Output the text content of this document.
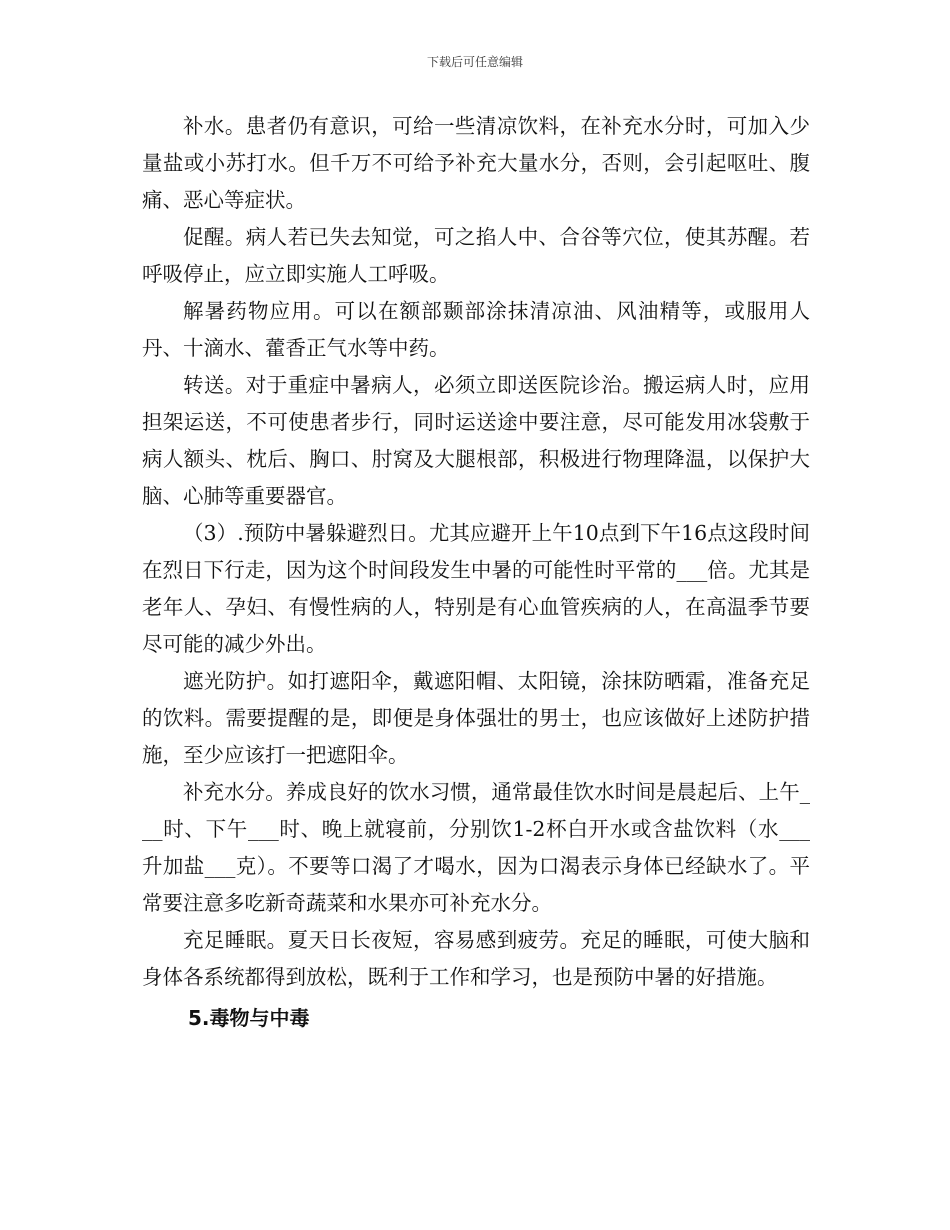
下载后可任意编辑

补水。患者仍有意识，可给一些清凉饮料，在补充水分时，可加入少量盐或小苏打水。但千万不可给予补充大量水分，否则，会引起呕吐、腹痛、恶心等症状。

促醒。病人若已失去知觉，可之掐人中、合谷等穴位，使其苏醒。若呼吸停止，应立即实施人工呼吸。

解暑药物应用。可以在额部颞部涂抹清凉油、风油精等，或服用人丹、十滴水、藿香正气水等中药。

转送。对于重症中暑病人，必须立即送医院诊治。搬运病人时，应用担架运送，不可使患者步行，同时运送途中要注意，尽可能发用冰袋敷于病人额头、枕后、胸口、肘窝及大腿根部，积极进行物理降温，以保护大脑、心肺等重要器官。

（3）.预防中暑躲避烈日。尤其应避开上午10点到下午16点这段时间在烈日下行走，因为这个时间段发生中暑的可能性时平常的___倍。尤其是老年人、孕妇、有慢性病的人，特别是有心血管疾病的人，在高温季节要尽可能的减少外出。

遮光防护。如打遮阳伞，戴遮阳帽、太阳镜，涂抹防晒霜，准备充足的饮料。需要提醒的是，即便是身体强壮的男士，也应该做好上述防护措施，至少应该打一把遮阳伞。

补充水分。养成良好的饮水习惯，通常最佳饮水时间是晨起后、上午___时、下午___时、晚上就寝前，分别饮1-2杯白开水或含盐饮料（水___升加盐___克）。不要等口渴了才喝水，因为口渴表示身体已经缺水了。平常要注意多吃新奇蔬菜和水果亦可补充水分。

充足睡眠。夏天日长夜短，容易感到疲劳。充足的睡眠，可使大脑和身体各系统都得到放松，既利于工作和学习，也是预防中暑的好措施。

5.毒物与中毒
